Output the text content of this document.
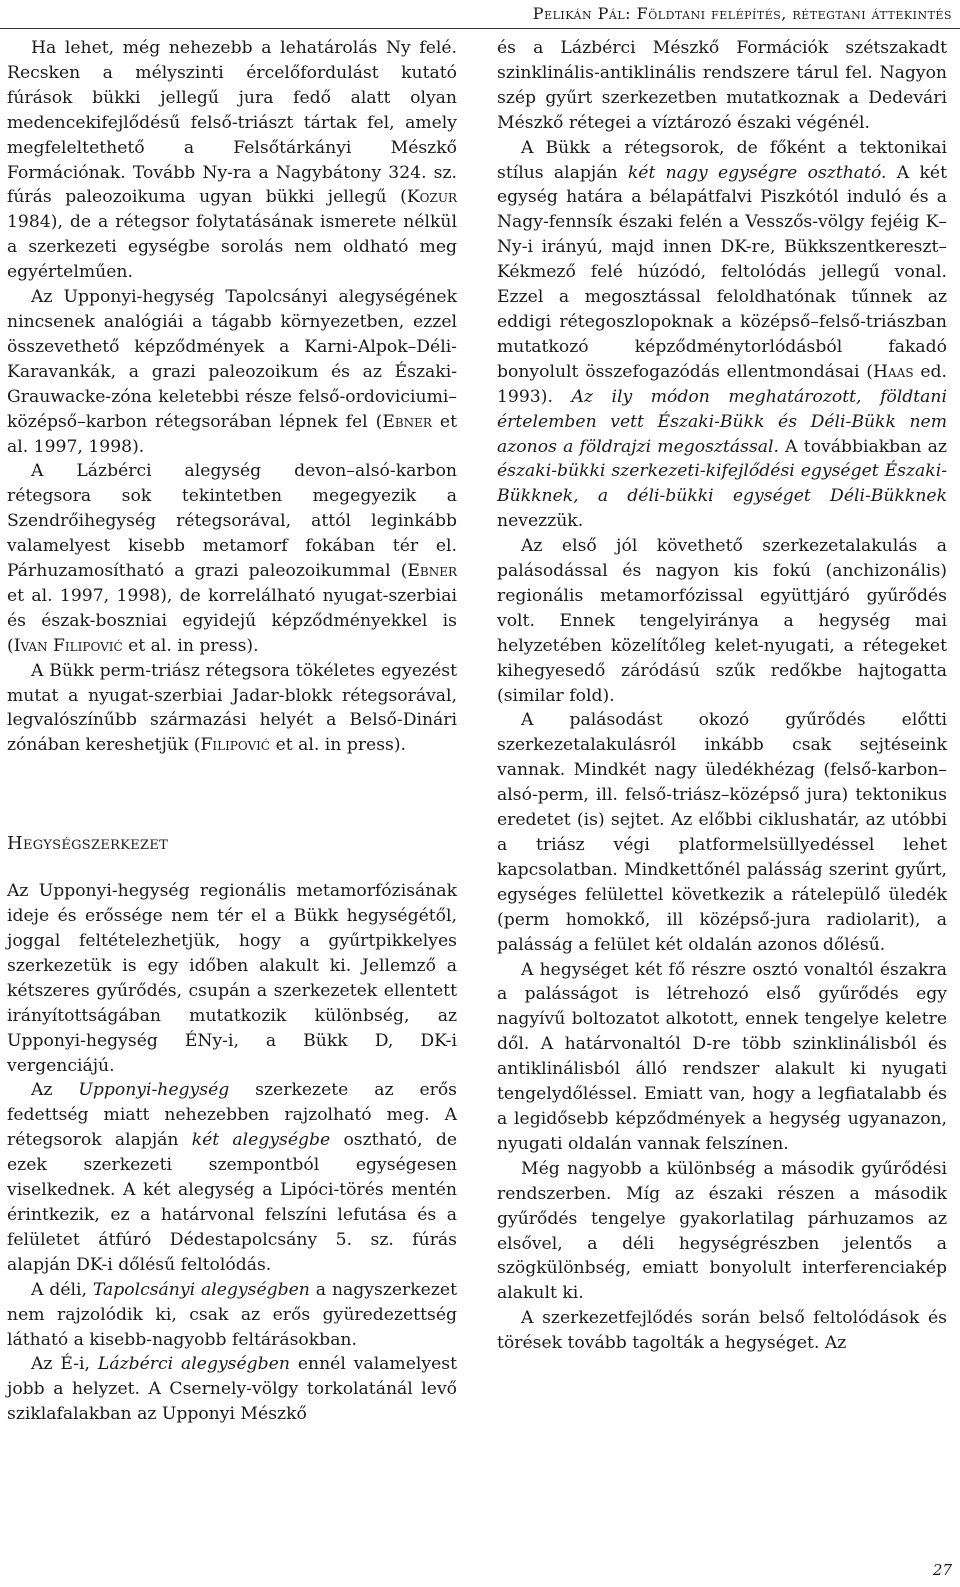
Pelikán Pál: Földtani felépítés, rétegtani áttekintés

Ha lehet, még nehezebb a lehatárolás Ny felé. Recsken a mélyszinti ércelőfordulást kutató fúrások bükki jellegű jura fedő alatt olyan medencekifejlődésű felső-triászt tártak fel, amely megfeleltethető a Felsőtárkányi Mészkő Formációnak. Tovább Ny-ra a Nagybátony 324. sz. fúrás paleozoikuma ugyan bükki jellegű (Kozur 1984), de a rétegsor folytatásának ismerete nélkül a szerkezeti egységbe sorolás nem oldható meg egyértelműen.

Az Upponyi-hegység Tapolcsányi alegységének nincsenek analógiái a tágabb környezetben, ezzel összevethető képződmények a Karni-Alpok–Déli-Karavankák, a grazi paleozoikum és az Északi-Grauwacke-zóna keletebbi része felső-ordoviciumi–középső–karbon rétegsorában lépnek fel (Ebner et al. 1997, 1998).

A Lázbérci alegység devon–alsó-karbon rétegsora sok tekintetben megegyezik a Szendrőihegység rétegsorával, attól leginkább valamelyest kisebb metamorf fokában tér el. Párhuzamosítható a grazi paleozoikummal (Ebner et al. 1997, 1998), de korrelálható nyugat-szerbiai és észak-boszniai egyidejű képződményekkel is (Ivan Filipović et al. in press).

A Bükk perm-triász rétegsora tökéletes egyezést mutat a nyugat-szerbiai Jadar-blokk rétegsorával, legvalószínűbb származási helyét a Belső-Dinári zónában kereshetjük (Filipović et al. in press).

Hegységszerkezet

Az Upponyi-hegység regionális metamorfózisának ideje és erőssége nem tér el a Bükk hegységétől, joggal feltételezhetjük, hogy a gyűrtpikkelyes szerkezetük is egy időben alakult ki. Jellemző a kétszeres gyűrődés, csupán a szerkezetek ellentett irányítottságában mutatkozik különbség, az Upponyi-hegység ÉNy-i, a Bükk D, DK-i vergenciájú.

Az Upponyi-hegység szerkezete az erős fedettség miatt nehezebben rajzolható meg. A rétegsorok alapján két alegységbe osztható, de ezek szerkezeti szempontból egységesen viselkednek. A két alegység a Lipóci-törés mentén érintkezik, ez a határvonal felszíni lefutása és a felületet átfúró Dédestapolcsány 5. sz. fúrás alapján DK-i dőlésű feltolódás.

A déli, Tapolcsányi alegységben a nagyszerkezet nem rajzolódik ki, csak az erős gyüredezettség látható a kisebb-nagyobb feltárásokban.

Az É-i, Lázbérci alegységben ennél valamelyest jobb a helyzet. A Csernely-völgy torkolatánál levő sziklafalakban az Upponyi Mészkő

és a Lázbérci Mészkő Formációk szétszakadt szinklinális-antiklinális rendszere tárul fel. Nagyon szép gyűrt szerkezetben mutatkoznak a Dedevári Mészkő rétegei a víztározó északi végénél.

A Bükk a rétegsorok, de főként a tektonikai stílus alapján két nagy egységre osztható. A két egység határa a bélapátfalvi Piszkótól induló és a Nagy-fennsík északi felén a Vesszős-völgy fejéig K–Ny-i irányú, majd innen DK-re, Bükkszentkereszt–Kékmező felé húzódó, feltolódás jellegű vonal. Ezzel a megosztással feloldhatónak tűnnek az eddigi rétegoszlopoknak a középső–felső-triászban mutatkozó képződménytorlódásból fakadó bonyolult összefogazódás ellentmondásai (Haas ed. 1993). Az ily módon meghatározott, földtani értelemben vett Északi-Bükk és Déli-Bükk nem azonos a földrajzi megosztással. A továbbiakban az északi-bükki szerkezeti-kifejlődési egységet Északi-Bükknek, a déli-bükki egységet Déli-Bükknek nevezzük.

Az első jól követhető szerkezetalakulás a palásodással és nagyon kis fokú (anchizonális) regionális metamorfózissal együttjáró gyűrődés volt. Ennek tengelyiránya a hegység mai helyzetében közelítőleg kelet-nyugati, a rétegeket kihegyesedő záródású szűk redőkbe hajtogatta (similar fold).

A palásodást okozó gyűrődés előtti szerkezetalakulásról inkább csak sejtéseink vannak. Mindkét nagy üledékhézag (felső-karbon–alsó-perm, ill. felső-triász–középső jura) tektonikus eredetet (is) sejtet. Az előbbi ciklushatár, az utóbbi a triász végi platformelsüllyedéssel lehet kapcsolatban. Mindkettőnél palásság szerint gyűrt, egységes felülettel következik a rátelepülő üledék (perm homokkő, ill középső-jura radiolarit), a palásság a felület két oldalán azonos dőlésű.

A hegységet két fő részre osztó vonaltól északra a palásságot is létrehozó első gyűrődés egy nagyívű boltozatot alkotott, ennek tengelye keletre dől. A határvonaltól D-re több szinklinálisból és antiklinálisból álló rendszer alakult ki nyugati tengelydőléssel. Emiatt van, hogy a legfiatalabb és a legidősebb képződmények a hegység ugyanazon, nyugati oldalán vannak felszínen.

Még nagyobb a különbség a második gyűrődési rendszerben. Míg az északi részen a második gyűrődés tengelye gyakorlatilag párhuzamos az elsővel, a déli hegységrészben jelentős a szögkülönbség, emiatt bonyolult interferenciakép alakult ki.

A szerkezetfejlődés során belső feltolódások és törések tovább tagolták a hegységet. Az

27
